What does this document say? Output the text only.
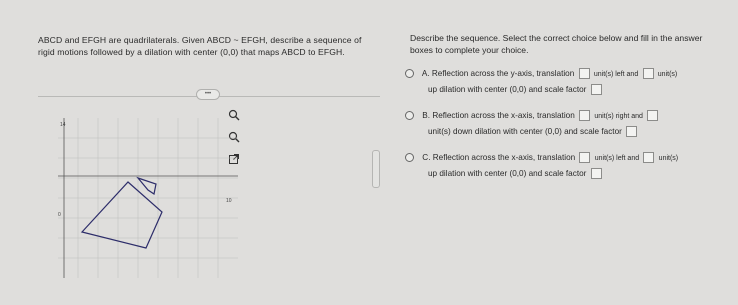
ABCD and EFGH are quadrilaterals. Given ABCD ~ EFGH, describe a sequence of
rigid motions followed by a dilation with center (0,0) that maps ABCD to EFGH.
•••
14
10
0
Describe the sequence. Select the correct choice below and fill in the answer
boxes to complete your choice.
A. Reflection across the y-axis, translation	unit(s) left and	unit(s)
up dilation with center (0,0) and scale factor
B. Reflection across the x-axis, translation	unit(s) right and
unit(s) down dilation with center (0,0) and scale factor
C. Reflection across the x-axis, translation	unit(s) left and	unit(s)
up dilation with center (0,0) and scale factor
